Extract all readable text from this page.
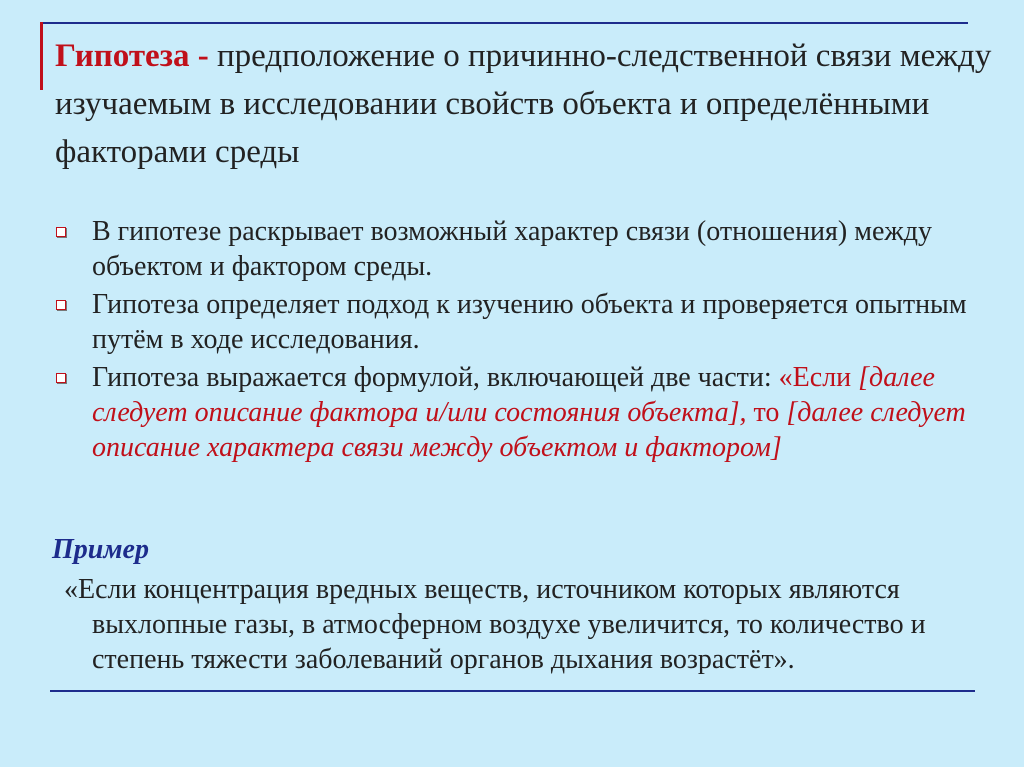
Гипотеза - предположение о причинно-следственной связи между изучаемым в исследовании свойств объекта и определёнными факторами среды
В гипотезе раскрывает возможный характер связи (отношения) между объектом и фактором среды.
Гипотеза определяет подход к изучению объекта и проверяется опытным путём в ходе исследования.
Гипотеза выражается формулой, включающей две части: «Если [далее следует описание фактора и/или состояния объекта], то [далее следует описание характера связи между объектом и фактором]
Пример

«Если концентрация вредных веществ, источником которых являются выхлопные газы, в атмосферном воздухе увеличится, то количество и степень тяжести заболеваний органов дыхания возрастёт».
